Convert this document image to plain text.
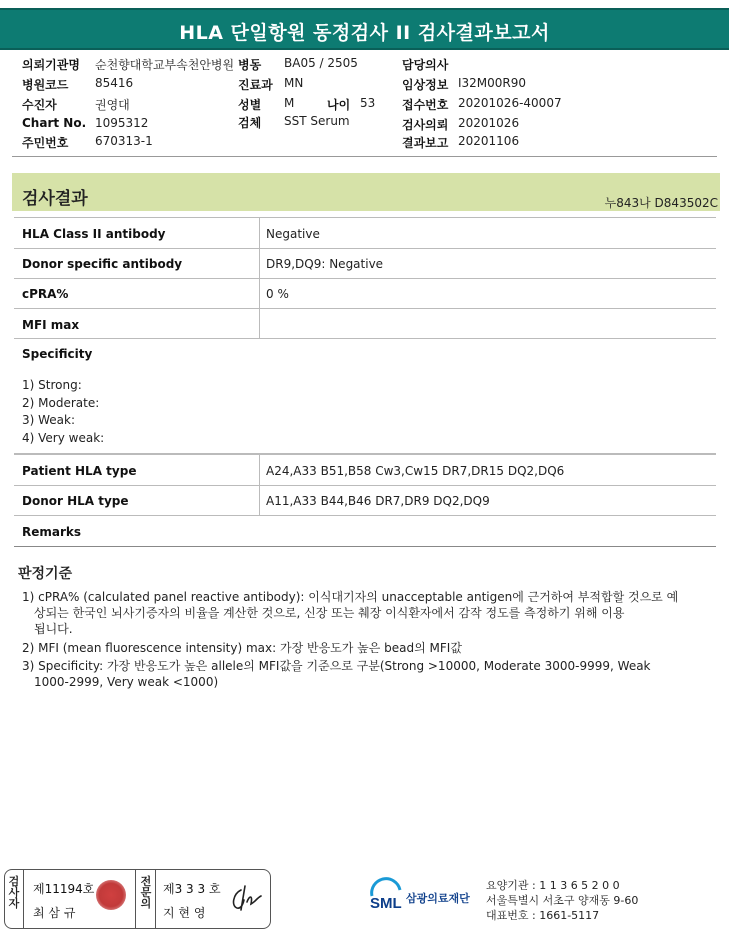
HLA 단일항원 동정검사 II 검사결과보고서
의뢰기관명 순천향대학교부속천안병원 병동 BA05 / 2505	담당의사
병원코드 85416	진료과 MN	임상정보 I32M00R90
수진자	권영대	성별 M	나이 53 접수번호 20201026-40007
Chart No. 1095312	검체 SST Serum	검사의뢰 20201026
주민번호 670313-1	결과보고 20201106
검사결과	누843나 D843502C
HLA Class II antibody	Negative
Donor specific antibody	DR9,DQ9: Negative
cPRA%	0 %
MFI max
Specificity
1) Strong:
2) Moderate:
3) Weak:
4) Very weak:
Patient HLA type	A24,A33 B51,B58 Cw3,Cw15 DR7,DR15 DQ2,DQ6
Donor HLA type	A11,A33 B44,B46 DR7,DR9 DQ2,DQ9
Remarks
판정기준
1) cPRA% (calculated panel reactive antibody): 이식대기자의 unacceptable antigen에 근거하여 부적합할 것으로 예
상되는 한국인 뇌사기증자의 비율을 계산한 것으로, 신장 또는 췌장 이식환자에서 감작 정도를 측정하기 위해 이용
됩니다.
2) MFI (mean fluorescence intensity) max: 가장 반응도가 높은 bead의 MFI값
3) Specificity: 가장 반응도가 높은 allele의 MFI값을 기준으로 구분(Strong >10000, Moderate 3000-9999, Weak
1000-2999, Very weak <1000)
검사자
제11194호
최 삼 규
전문의
제3 3 3 호
지 현 영
SML 삼광의료재단
요양기관 : 1 1 3 6 5 2 0 0
서울특별시 서초구 양재동 9-60
대표번호 : 1661-5117
